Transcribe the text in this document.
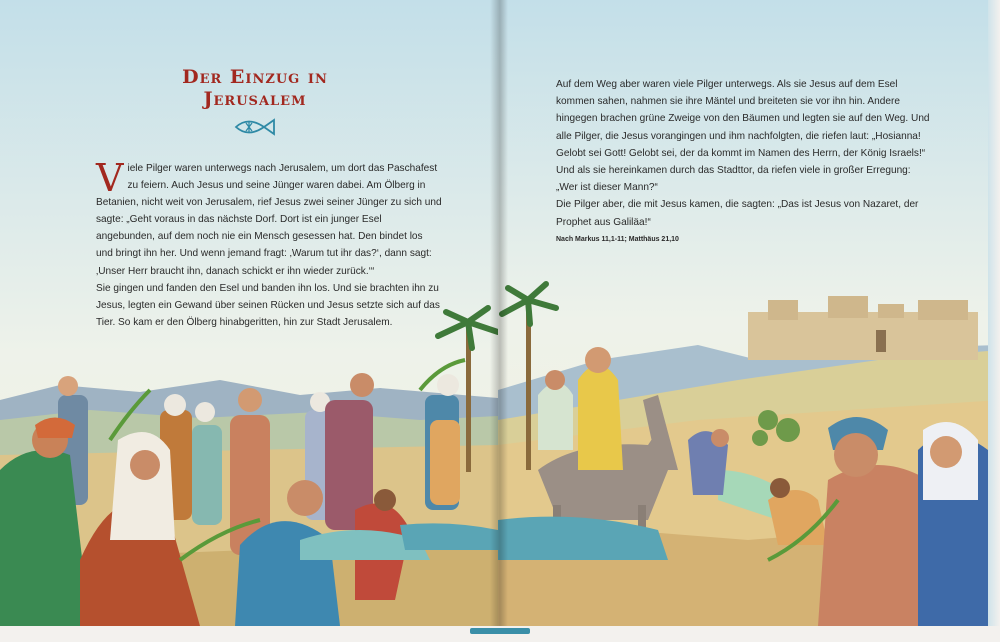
Der Einzug in Jerusalem
V iele Pilger waren unterwegs nach Jerusalem, um dort das Paschafest zu feiern. Auch Jesus und seine Jünger waren dabei. Am Ölberg in Betanien, nicht weit von Jerusalem, rief Jesus zwei seiner Jünger zu sich und sagte: „Geht voraus in das nächste Dorf. Dort ist ein junger Esel angebunden, auf dem noch nie ein Mensch gesessen hat. Den bindet los und bringt ihn her. Und wenn jemand fragt: ‚Warum tut ihr das?‘, dann sagt: ‚Unser Herr braucht ihn, danach schickt er ihn wieder zurück.‘“

Sie gingen und fanden den Esel und banden ihn los. Und sie brachten ihn zu Jesus, legten ein Gewand über seinen Rücken und Jesus setzte sich auf das Tier. So kam er den Ölberg hinabgeritten, hin zur Stadt Jerusalem.

Auf dem Weg aber waren viele Pilger unterwegs. Als sie Jesus auf dem Esel kommen sahen, nahmen sie ihre Mäntel und breiteten sie vor ihn hin. Andere hingegen brachen grüne Zweige von den Bäumen und legten sie auf den Weg. Und alle Pilger, die Jesus vorangingen und ihm nachfolgten, die riefen laut: „Hosianna! Gelobt sei Gott! Gelobt sei, der da kommt im Namen des Herrn, der König Israels!“

Und als sie hereinkamen durch das Stadttor, da riefen viele in großer Erregung: „Wer ist dieser Mann?“

Die Pilger aber, die mit Jesus kamen, die sagten: „Das ist Jesus von Nazaret, der Prophet aus Galiläa!“

Nach Markus 11,1-11; Matthäus 21,10
